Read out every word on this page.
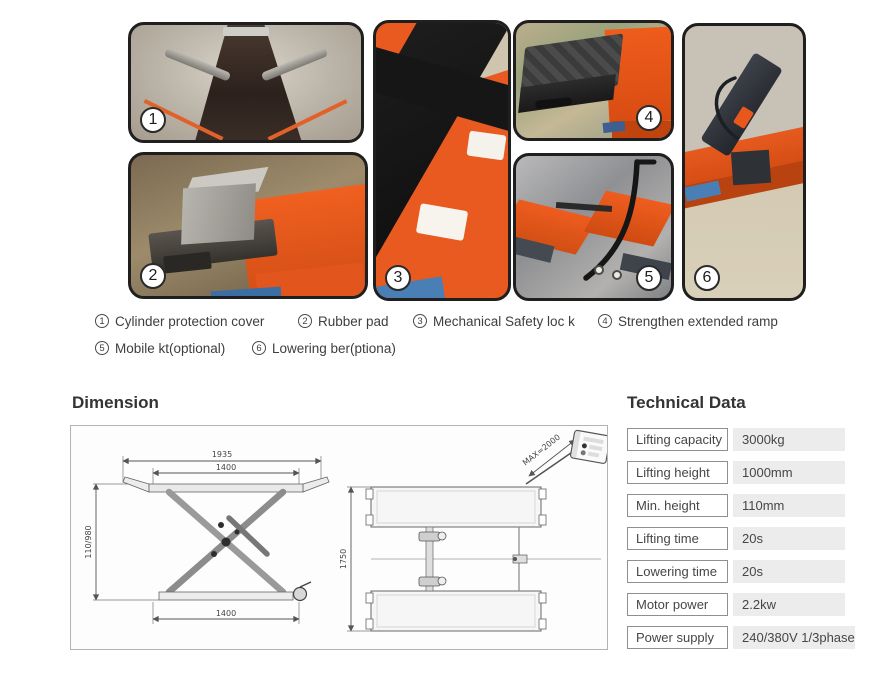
1
2	3
4
5	6
1 Cylinder protection cover	2 Rubber pad	3 Mechanical Safety loc k	4 Strengthen extended ramp
5 Mobile kt(optional)	6 Lowering ber(ptiona)
Dimension
1935
1400
1400
110/980
1750
MAX=2000
Technical Data
Lifting capacity	3000kg
Lifting height	1000mm
Min. height	110mm
Lifting time	20s
Lowering time	20s
Motor power	2.2kw
Power supply	240/380V 1/3phase
